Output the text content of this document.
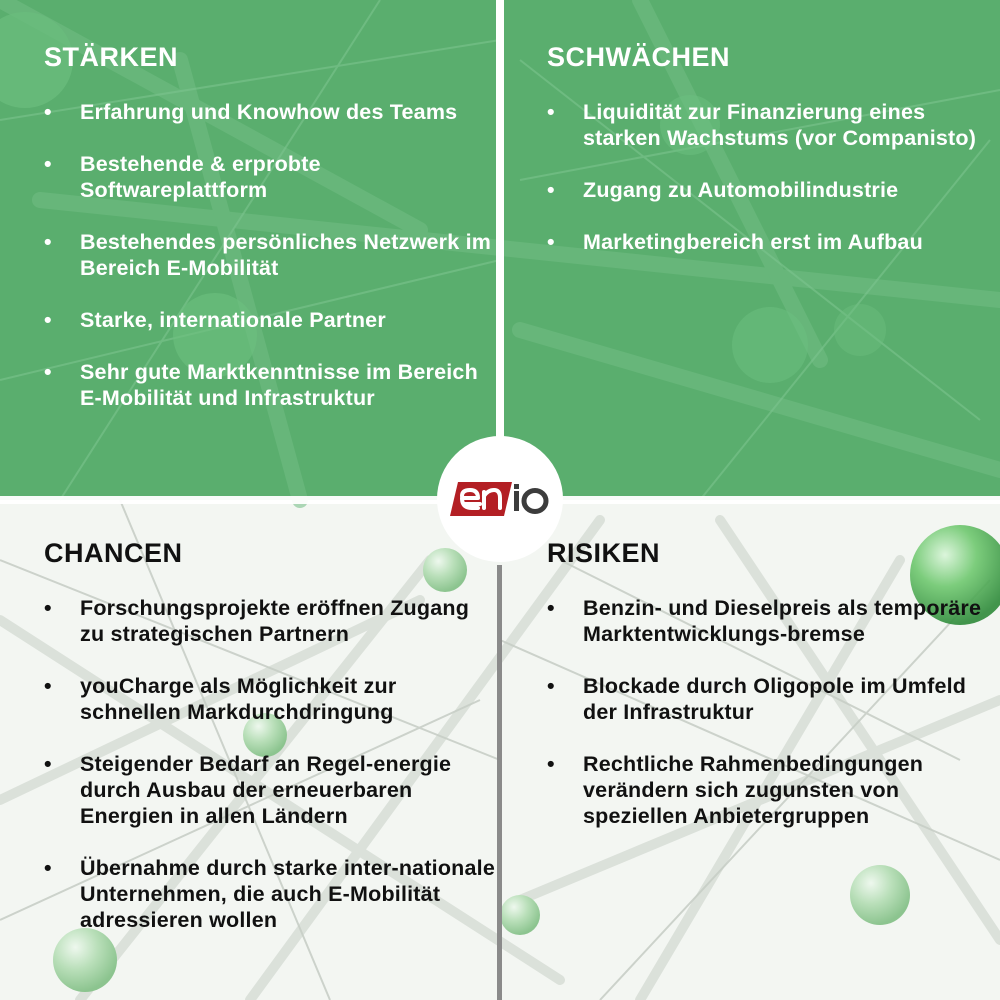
STÄRKEN
•	Erfahrung und Knowhow des Teams
•	Bestehende & erprobte Softwareplattform
•	Bestehendes persönliches Netzwerk im Bereich E-Mobilität
•	Starke, internationale Partner
•	Sehr gute Marktkenntnisse im Bereich E-Mobilität und Infrastruktur
SCHWÄCHEN
•	Liquidität zur Finanzierung eines starken Wachstums (vor Companisto)
•	Zugang zu Automobilindustrie
•	Marketingbereich erst im Aufbau
CHANCEN
•	Forschungsprojekte eröffnen Zugang zu strategischen Partnern
•	youCharge als Möglichkeit zur schnellen Markdurchdringung
•	Steigender Bedarf an Regel-energie durch Ausbau der erneuerbaren Energien in allen Ländern
•	Übernahme durch starke inter-nationale Unternehmen, die auch E-Mobilität adressieren wollen
RISIKEN
•	Benzin- und Dieselpreis als temporäre Marktentwicklungs-bremse
•	Blockade durch Oligopole im Umfeld der Infrastruktur
•	Rechtliche Rahmenbedingungen verändern sich zugunsten von speziellen Anbietergruppen
